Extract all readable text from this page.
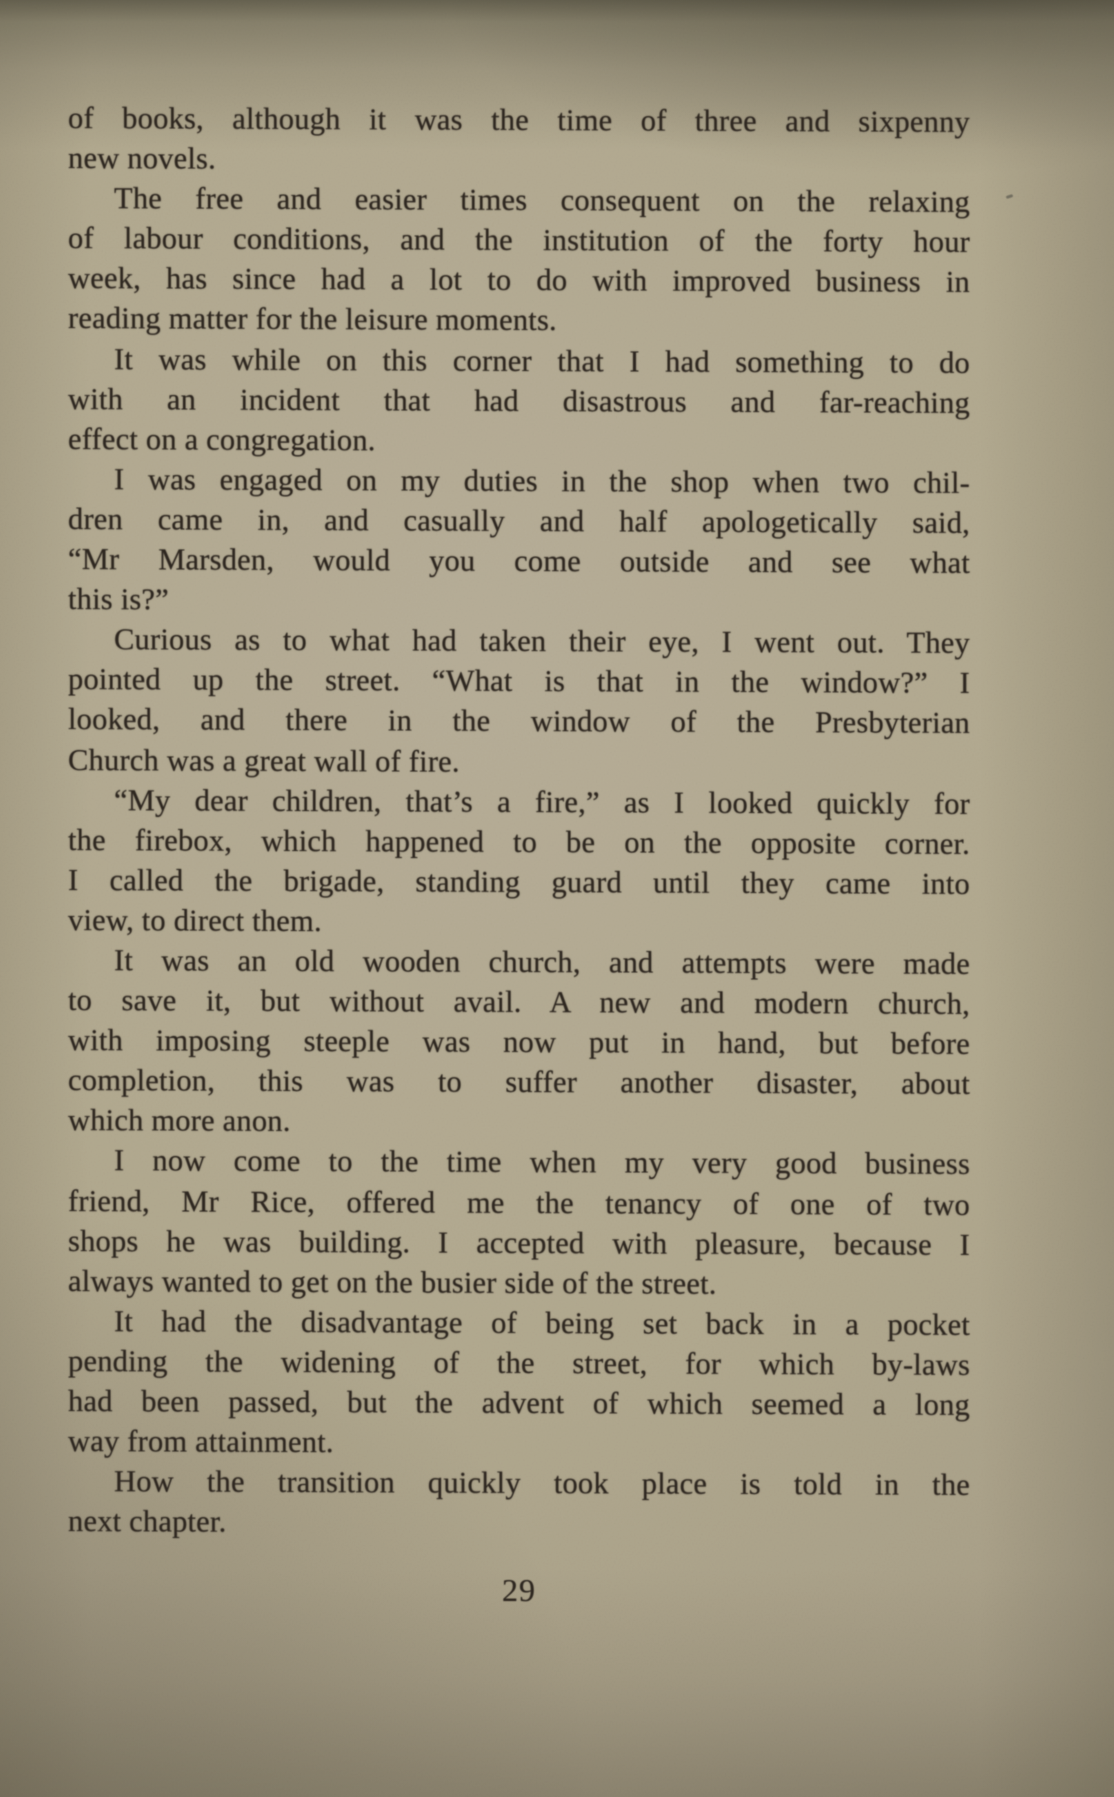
of books, although it was the time of three and sixpenny
new novels.
The free and easier times consequent on the relaxing
of labour conditions, and the institution of the forty hour
week, has since had a lot to do with improved business in
reading matter for the leisure moments.
It was while on this corner that I had something to do
with an incident that had disastrous and far-reaching
effect on a congregation.
I was engaged on my duties in the shop when two chil-
dren came in, and casually and half apologetically said,
“Mr Marsden, would you come outside and see what
this is?”
Curious as to what had taken their eye, I went out. They
pointed up the street. “What is that in the window?” I
looked, and there in the window of the Presbyterian
Church was a great wall of fire.
“My dear children, that’s a fire,” as I looked quickly for
the firebox, which happened to be on the opposite corner.
I called the brigade, standing guard until they came into
view, to direct them.
It was an old wooden church, and attempts were made
to save it, but without avail. A new and modern church,
with imposing steeple was now put in hand, but before
completion, this was to suffer another disaster, about
which more anon.
I now come to the time when my very good business
friend, Mr Rice, offered me the tenancy of one of two
shops he was building. I accepted with pleasure, because I
always wanted to get on the busier side of the street.
It had the disadvantage of being set back in a pocket
pending the widening of the street, for which by-laws
had been passed, but the advent of which seemed a long
way from attainment.
How the transition quickly took place is told in the
next chapter.
29
